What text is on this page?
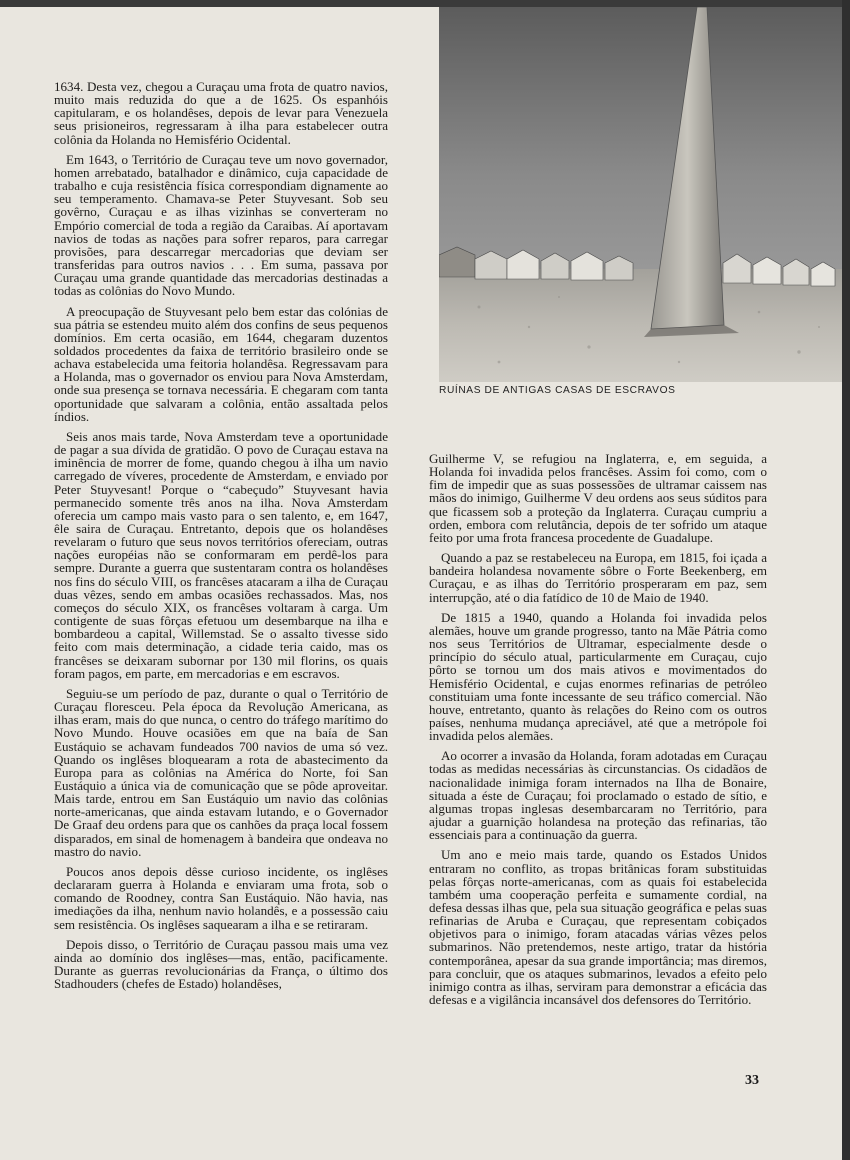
1634. Desta vez, chegou a Curaçau uma frota de quatro navios, muito mais reduzida do que a de 1625. Os espanhóis capitularam, e os holandêses, depois de levar para Venezuela seus prisioneiros, regressaram à ilha para estabelecer outra colônia da Holanda no Hemisfério Ocidental.

Em 1643, o Território de Curaçau teve um novo governador, homen arrebatado, batalhador e dinâmico, cuja capacidade de trabalho e cuja resistência física correspondiam dignamente ao seu temperamento. Chamava-se Peter Stuyvesant. Sob seu govêrno, Curaçau e as ilhas vizinhas se converteram no Empório comercial de toda a região da Caraibas. Aí aportavam navios de todas as nações para sofrer reparos, para carregar provisões, para descarregar mercadorias que deviam ser transferidas para outros navios . . . Em suma, passava por Curaçau uma grande quantidade das mercadorias destinadas a todas as colônias do Novo Mundo.

A preocupação de Stuyvesant pelo bem estar das colónias de sua pátria se estendeu muito além dos confins de seus pequenos domínios. Em certa ocasião, em 1644, chegaram duzentos soldados procedentes da faixa de território brasileiro onde se achava estabelecida uma feitoria holandêsa. Regressavam para a Holanda, mas o governador os enviou para Nova Amsterdam, onde sua presença se tornava necessária. E chegaram com tanta oportunidade que salvaram a colônia, então assaltada pelos índios.

Seis anos mais tarde, Nova Amsterdam teve a oportunidade de pagar a sua dívida de gratidão. O povo de Curaçau estava na iminência de morrer de fome, quando chegou à ilha um navio carregado de víveres, procedente de Amsterdam, e enviado por Peter Stuyvesant! Porque o “cabeçudo” Stuyvesant havia permanecido somente três anos na ilha. Nova Amsterdam oferecia um campo mais vasto para o sen talento, e, em 1647, êle saira de Curaçau. Entretanto, depois que os holandêses revelaram o futuro que seus novos territórios ofereciam, outras nações européias não se conformaram em perdê-los para sempre. Durante a guerra que sustentaram contra os holandêses nos fins do século VIII, os francêses atacaram a ilha de Curaçau duas vêzes, sendo em ambas ocasiões rechassados. Mas, nos começos do século XIX, os francêses voltaram à carga. Um contigente de suas fôrças efetuou um desembarque na ilha e bombardeou a capital, Willemstad. Se o assalto tivesse sido feito com mais determinação, a cidade teria caido, mas os francêses se deixaram subornar por 130 mil florins, os quais foram pagos, em parte, em mercadorias e em escravos.

Seguiu-se um período de paz, durante o qual o Território de Curaçau floresceu. Pela época da Revolução Americana, as ilhas eram, mais do que nunca, o centro do tráfego marítimo do Novo Mundo. Houve ocasiões em que na baía de San Eustáquio se achavam fundeados 700 navios de uma só vez. Quando os inglêses bloquearam a rota de abastecimento da Europa para as colônias na América do Norte, foi San Eustáquio a única via de comunicação que se pôde aproveitar. Mais tarde, entrou em San Eustáquio um navio das colônias norte-americanas, que ainda estavam lutando, e o Governador De Graaf deu ordens para que os canhões da praça local fossem disparados, em sinal de homenagem à bandeira que ondeava no mastro do navio.

Poucos anos depois dêsse curioso incidente, os inglêses declararam guerra à Holanda e enviaram uma frota, sob o comando de Roodney, contra San Eustáquio. Não havia, nas imediações da ilha, nenhum navio holandês, e a possessão caiu sem resistência. Os inglêses saquearam a ilha e se retiraram.

Depois disso, o Território de Curaçau passou mais uma vez ainda ao domínio dos inglêses—mas, então, pacificamente. Durante as guerras revolucionárias da França, o último dos Stadhouders (chefes de Estado) holandêses,

RUÍNAS DE ANTIGAS CASAS DE ESCRAVOS

Guilherme V, se refugiou na Inglaterra, e, em seguida, a Holanda foi invadida pelos francêses. Assim foi como, com o fim de impedir que as suas possessões de ultramar caissem nas mãos do inimigo, Guilherme V deu ordens aos seus súditos para que ficassem sob a proteção da Inglaterra. Curaçau cumpriu a orden, embora com relutância, depois de ter sofrido um ataque feito por uma frota francesa procedente de Guadalupe.

Quando a paz se restabeleceu na Europa, em 1815, foi içada a bandeira holandesa novamente sôbre o Forte Beekenberg, em Curaçau, e as ilhas do Território prosperaram em paz, sem interrupção, até o dia fatídico de 10 de Maio de 1940.

De 1815 a 1940, quando a Holanda foi invadida pelos alemães, houve um grande progresso, tanto na Mãe Pátria como nos seus Territórios de Ultramar, especialmente desde o princípio do século atual, particularmente em Curaçau, cujo pôrto se tornou um dos mais ativos e movimentados do Hemisfério Ocidental, e cujas enormes refinarias de petróleo constituiam uma fonte incessante de seu tráfico comercial. Não houve, entretanto, quanto às relações do Reino com os outros países, nenhuma mudança apreciável, até que a metrópole foi invadida pelos alemães.

Ao ocorrer a invasão da Holanda, foram adotadas em Curaçau todas as medidas necessárias às circunstancias. Os cidadãos de nacionalidade inimiga foram internados na Ilha de Bonaire, situada a éste de Curaçau; foi proclamado o estado de sítio, e algumas tropas inglesas desembarcaram no Território, para ajudar a guarnição holandesa na proteção das refinarias, tão essenciais para a continuação da guerra.

Um ano e meio mais tarde, quando os Estados Unidos entraram no conflito, as tropas britânicas foram substituidas pelas fôrças norte-americanas, com as quais foi estabelecida também uma cooperação perfeita e sumamente cordial, na defesa dessas ilhas que, pela sua situação geográfica e pelas suas refinarias de Aruba e Curaçau, que representam cobiçados objetivos para o inimigo, foram atacadas várias vêzes pelos submarinos. Não pretendemos, neste artigo, tratar da história contemporânea, apesar da sua grande importância; mas diremos, para concluir, que os ataques submarinos, levados a efeito pelo inimigo contra as ilhas, serviram para demonstrar a eficácia das defesas e a vigilância incansável dos defensores do Território.

33
